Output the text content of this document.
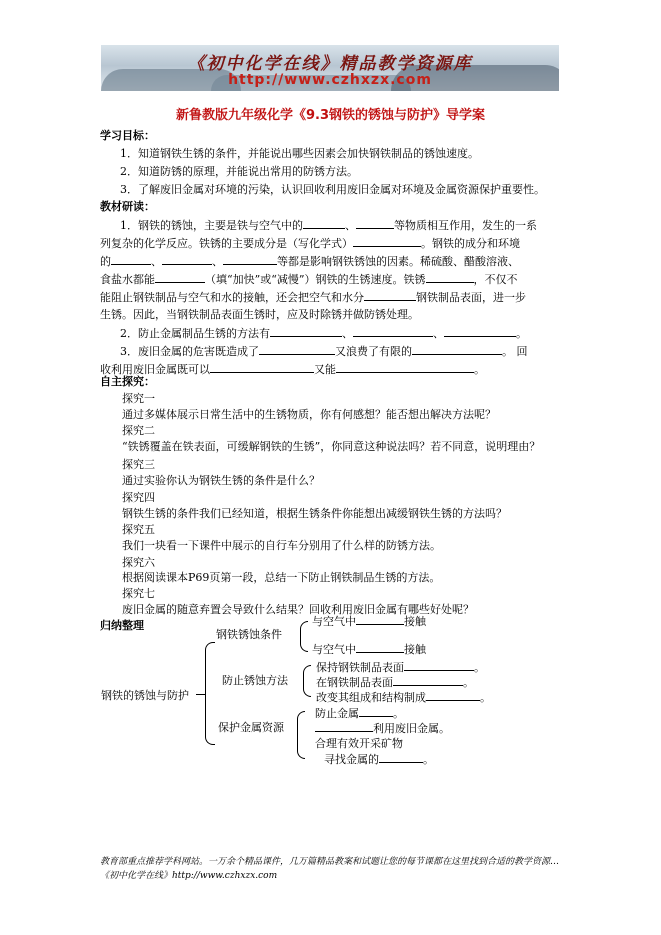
《初中化学在线》精品教学资源库
http://www.czhxzx.com
新鲁教版九年级化学《9.3钢铁的锈蚀与防护》导学案
学习目标：
1．知道钢铁生锈的条件，并能说出哪些因素会加快钢铁制品的锈蚀速度。
2．知道防锈的原理，并能说出常用的防锈方法。
3．了解废旧金属对环境的污染，认识回收利用废旧金属对环境及金属资源保护重要性。
教材研读：
1．钢铁的锈蚀，主要是铁与空气中的	、	等物质相互作用，发生的一系
列复杂的化学反应。铁锈的主要成分是（写化学式）	。钢铁的成分和环境
的	、	、	等都是影响钢铁锈蚀的因素。稀硫酸、醋酸溶液、
食盐水都能	（填“加快”或“减慢”）钢铁的生锈速度。铁锈	，不仅不
能阻止钢铁制品与空气和水的接触，还会把空气和水分	钢铁制品表面，进一步
生锈。因此，当钢铁制品表面生锈时，应及时除锈并做防锈处理。
2．防止金属制品生锈的方法有	、	、	。
3．废旧金属的危害既造成了	又浪费了有限的	。 回
收利用废旧金属既可以	又能	。
自主探究：
探究一
通过多媒体展示日常生活中的生锈物质，你有何感想？能否想出解决方法呢？
探究二
“铁锈覆盖在铁表面，可缓解钢铁的生锈”，你同意这种说法吗？若不同意，说明理由？
探究三
通过实验你认为钢铁生锈的条件是什么？
探究四
钢铁生锈的条件我们已经知道，根据生锈条件你能想出减缓钢铁生锈的方法吗？
探究五
我们一块看一下课件中展示的自行车分别用了什么样的防锈方法。
探究六
根据阅读课本P69页第一段，总结一下防止钢铁制品生锈的方法。
探究七
废旧金属的随意弃置会导致什么结果？回收利用废旧金属有哪些好处呢？
归纳整理
钢铁的锈蚀与防护
钢铁锈蚀条件
与空气中	接触
与空气中	接触
防止锈蚀方法
保持钢铁制品表面	。
在钢铁制品表面	。
改变其组成和结构制成	。
保护金属资源
防止金属	。
利用废旧金属。
合理有效开采矿物
寻找金属的	。
教育部重点推荐学科网站。一万余个精品课件，几万篇精品教案和试题让您的每节课都在这里找到合适的教学资源…《初中化学在线》http://www.czhxzx.com
